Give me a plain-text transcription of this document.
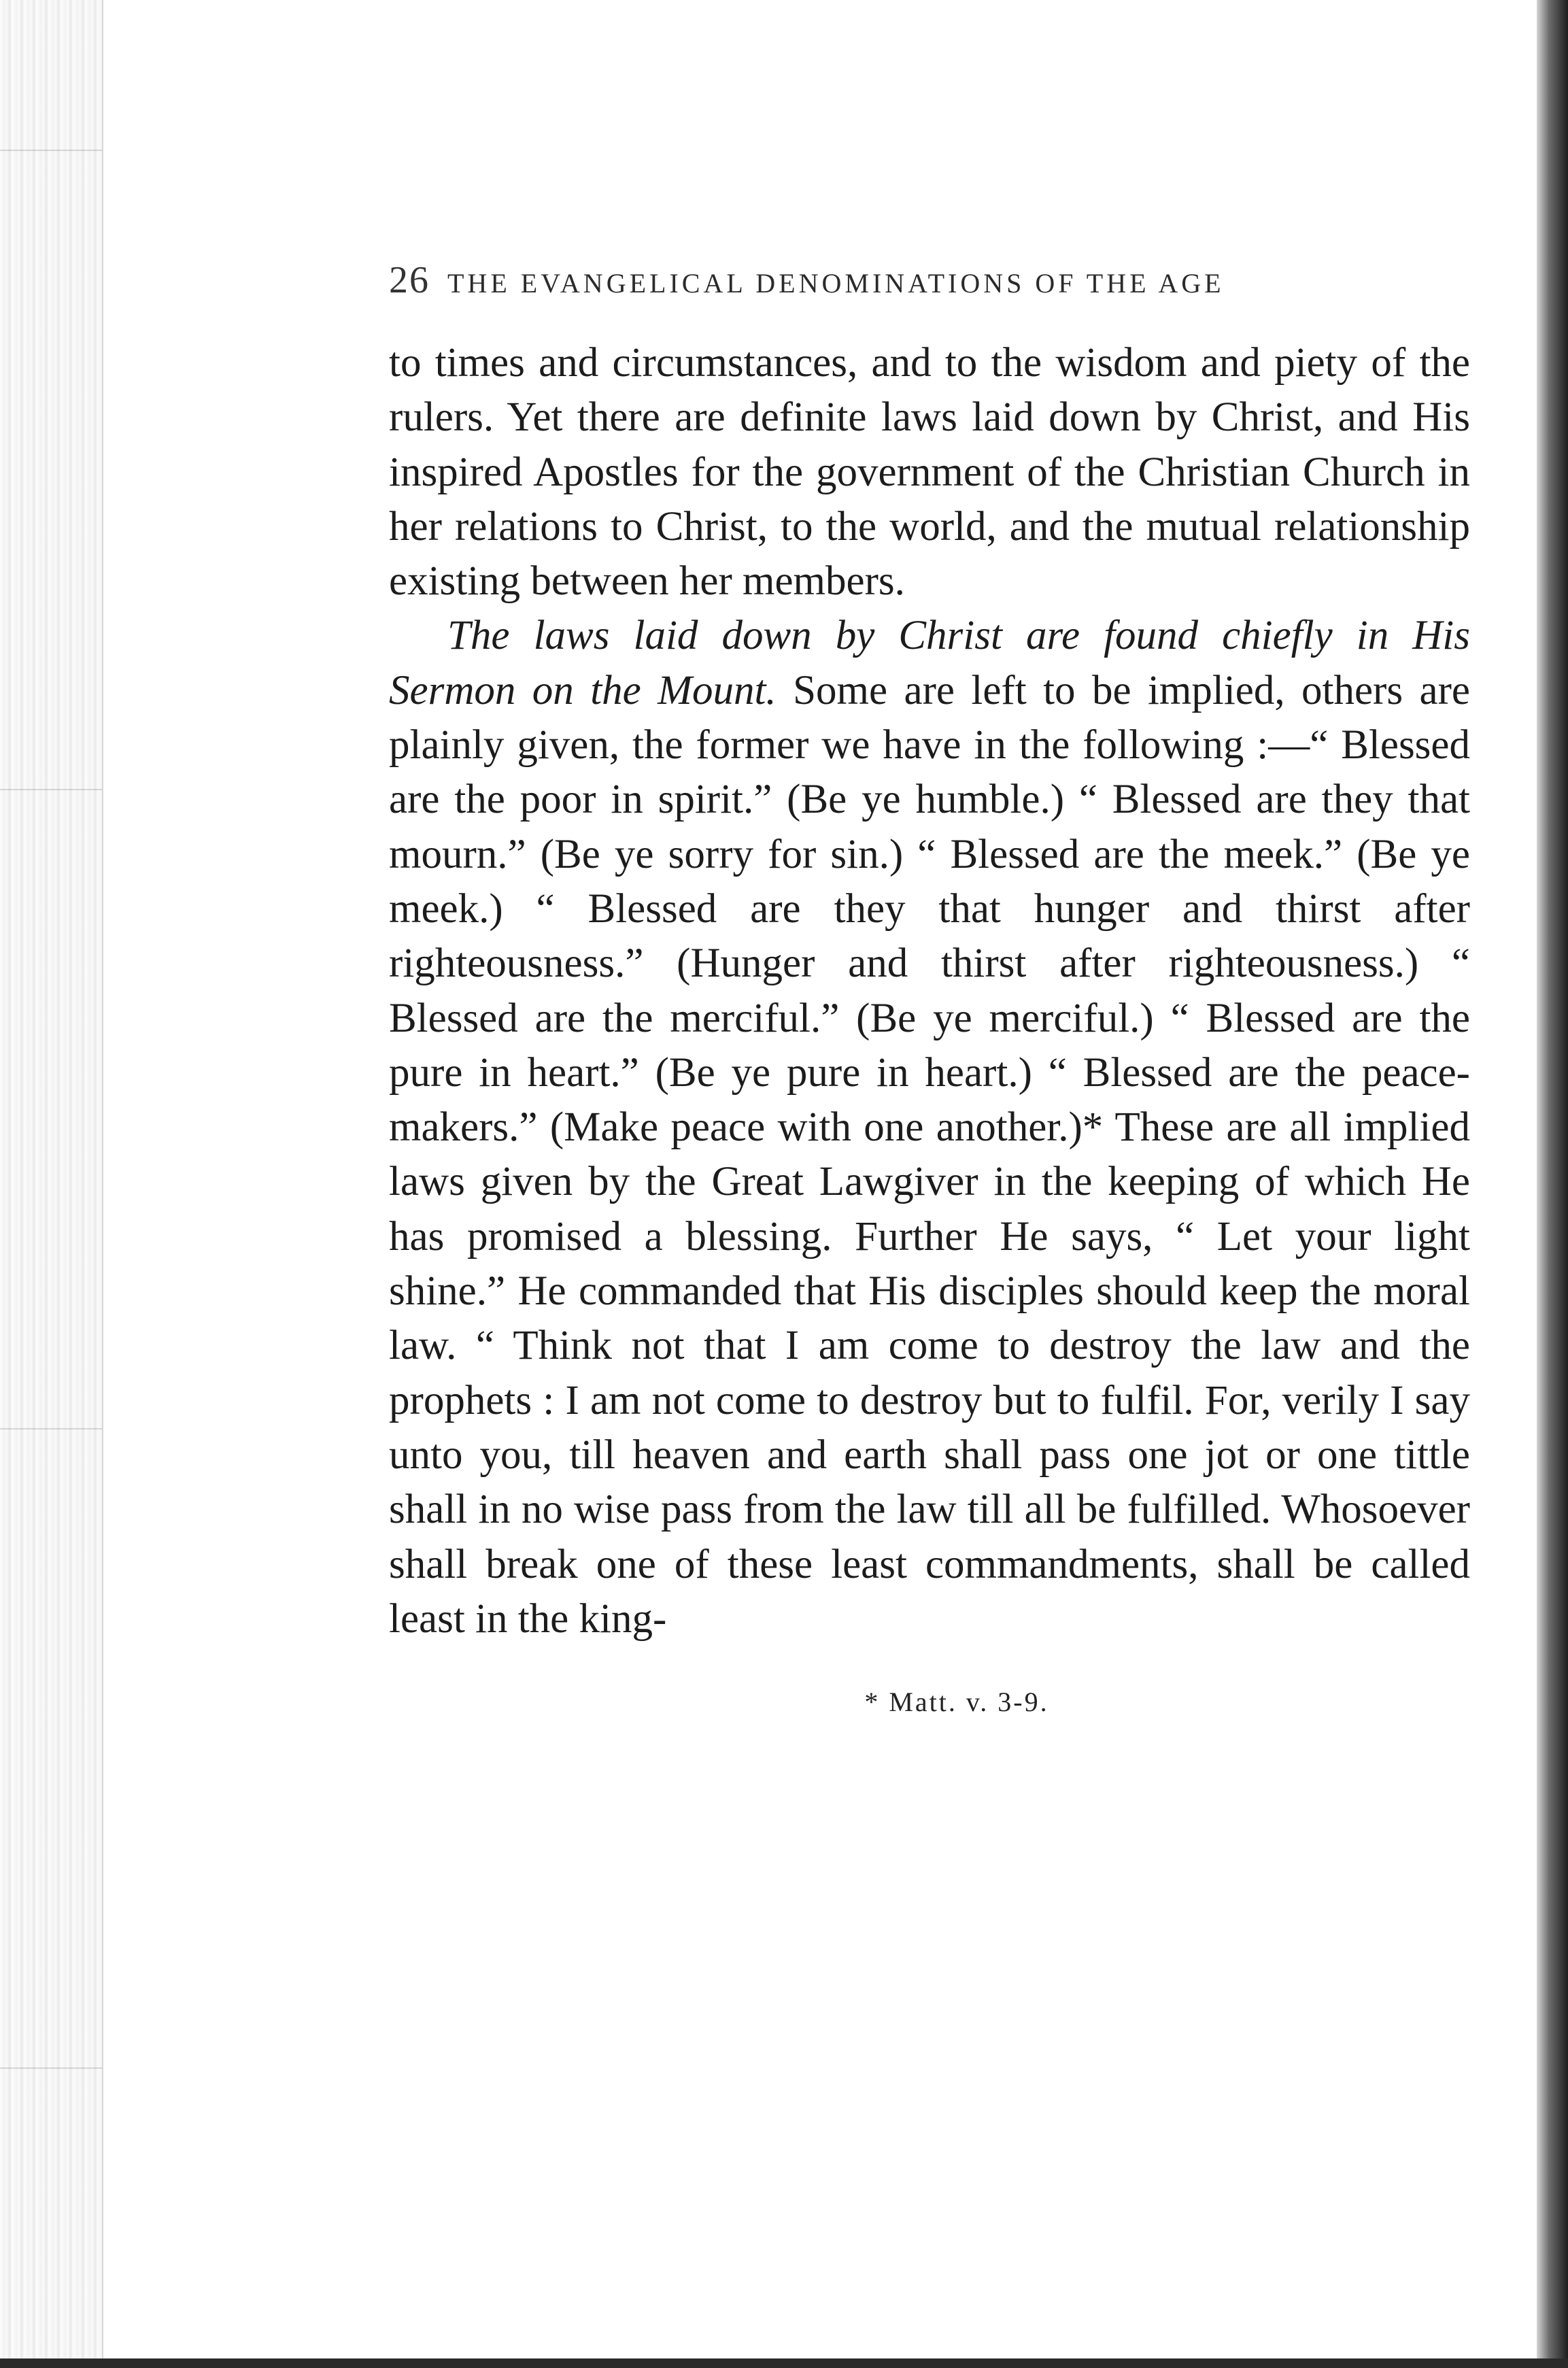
26 THE EVANGELICAL DENOMINATIONS OF THE AGE

to times and circumstances, and to the wisdom and piety of the rulers. Yet there are definite laws laid down by Christ, and His inspired Apostles for the government of the Christian Church in her relations to Christ, to the world, and the mutual relationship existing between her members.

The laws laid down by Christ are found chiefly in His Sermon on the Mount. Some are left to be implied, others are plainly given, the former we have in the following :—“ Blessed are the poor in spirit.” (Be ye humble.) “ Blessed are they that mourn.” (Be ye sorry for sin.) “ Blessed are the meek.” (Be ye meek.) “ Blessed are they that hunger and thirst after righteousness.” (Hunger and thirst after righteousness.) “ Blessed are the merciful.” (Be ye merciful.) “ Blessed are the pure in heart.” (Be ye pure in heart.) “ Blessed are the peace-makers.” (Make peace with one another.)* These are all implied laws given by the Great Lawgiver in the keeping of which He has promised a blessing. Further He says, “ Let your light shine.” He commanded that His disciples should keep the moral law. “ Think not that I am come to destroy the law and the prophets : I am not come to destroy but to fulfil. For, verily I say unto you, till heaven and earth shall pass one jot or one tittle shall in no wise pass from the law till all be fulfilled. Whosoever shall break one of these least commandments, shall be called least in the king-

* Matt. v. 3-9.
